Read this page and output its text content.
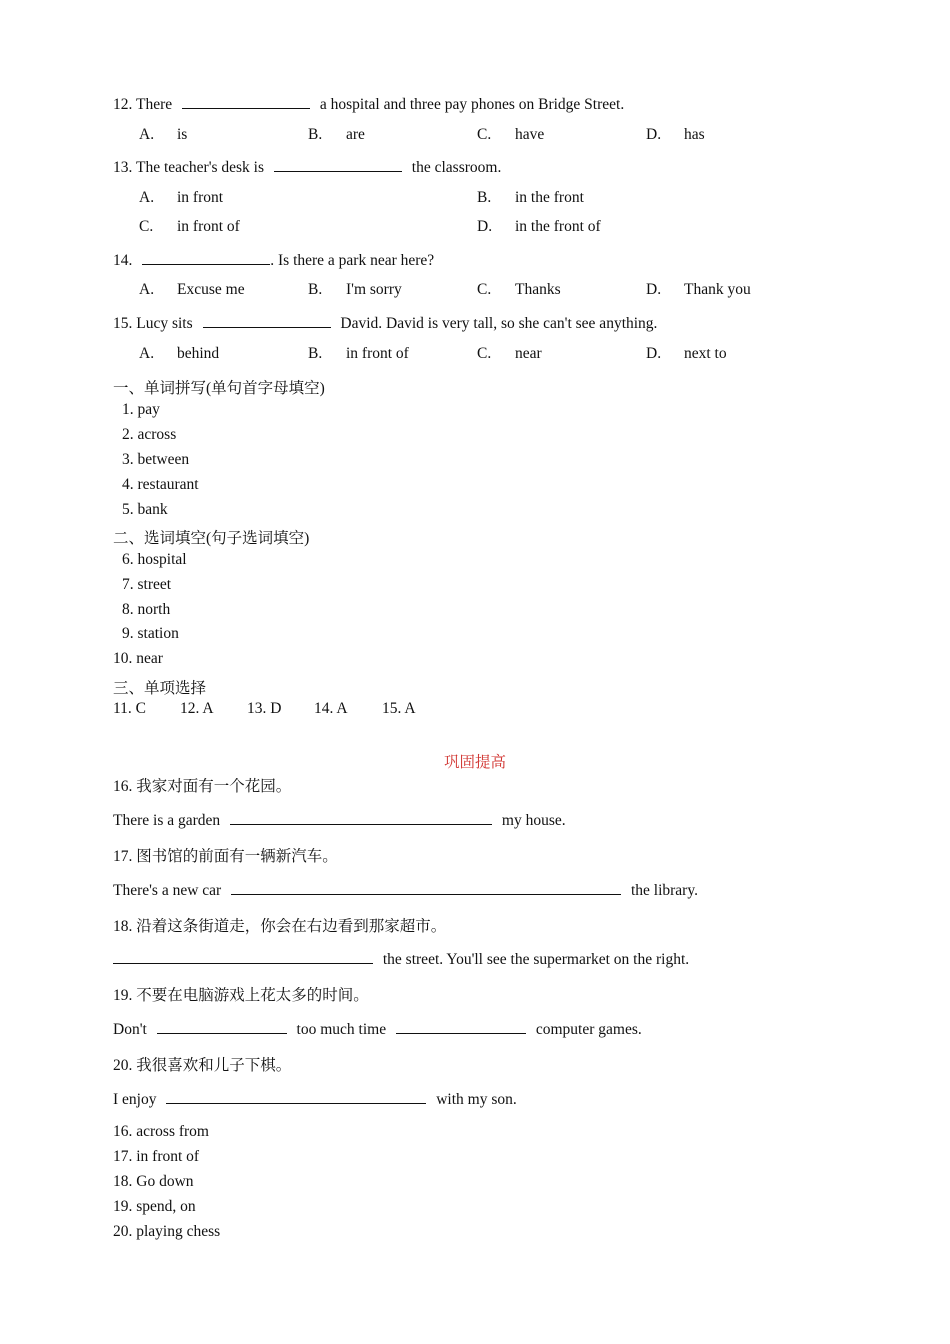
12. There	a hospital and three pay phones on Bridge Street.
A. is	B. are	C. have	D. has
13. The teacher's desk is	the classroom.
A. in front	B. in the front
C. in front of	D. in the front of
14.	. Is there a park near here?
A. Excuse me	B. I'm sorry	C. Thanks	D. Thank you
15. Lucy sits	David. David is very tall, so she can't see anything.
A. behind	B. in front of	C. near	D. next to
一、单词拼写(单句首字母填空)
1. pay
2. across
3. between
4. restaurant
5. bank
二、选词填空(句子选词填空)
6. hospital
7. street
8. north
9. station
10. near
三、单项选择
11. C 12. A 13. D 14. A 15. A
巩固提高
16. 我家对面有一个花园。
There is a garden	my house.
17. 图书馆的前面有一辆新汽车。
There's a new car	the library.
18. 沿着这条街道走，你会在右边看到那家超市。
the street. You'll see the supermarket on the right.
19. 不要在电脑游戏上花太多的时间。
Don't	too much time	computer games.
20. 我很喜欢和儿子下棋。
I enjoy	with my son.
16. across from
17. in front of
18. Go down
19. spend, on
20. playing chess
